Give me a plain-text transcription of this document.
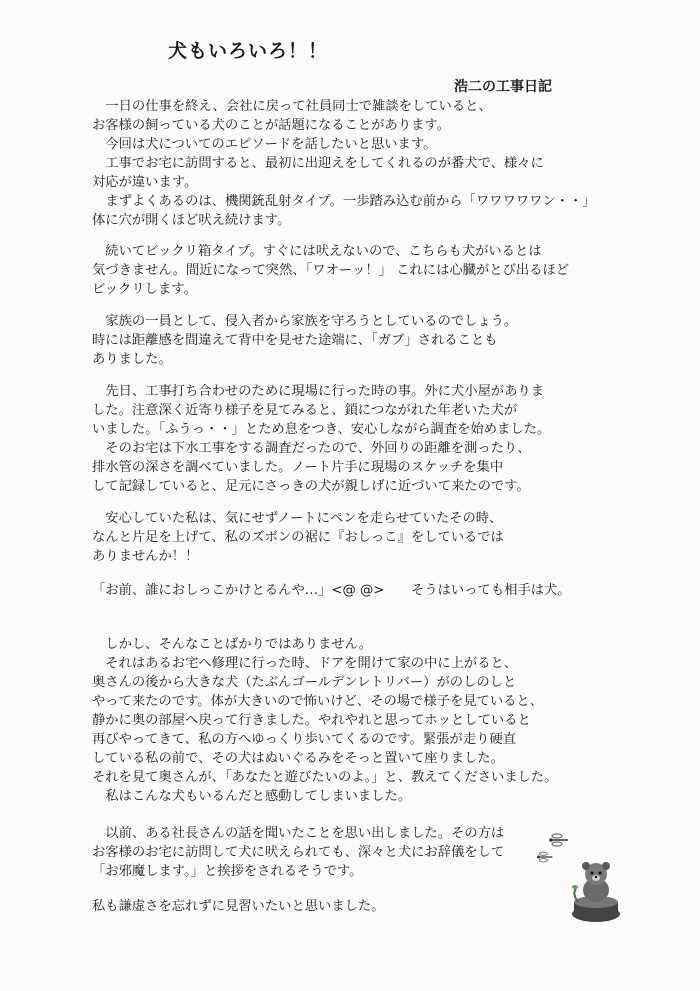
犬もいろいろ！！
浩二の工事日記
　一日の仕事を終え、会社に戻って社員同士で雑談をしていると、
お客様の飼っている犬のことが話題になることがあります。
　今回は犬についてのエピソードを話したいと思います。
　工事でお宅に訪問すると、最初に出迎えをしてくれるのが番犬で、様々に
対応が違います。
　まずよくあるのは、機関銃乱射タイプ。一歩踏み込む前から「ワワワワワン・・」
体に穴が開くほど吠え続けます。
　続いてビックリ箱タイプ。すぐには吠えないので、こちらも犬がいるとは
気づきません。間近になって突然、「ワオーッ！」 これには心臓がとび出るほど
ビックリします。
　家族の一員として、侵入者から家族を守ろうとしているのでしょう。
時には距離感を間違えて背中を見せた途端に、「ガブ」されることも
ありました。
　先日、工事打ち合わせのために現場に行った時の事。外に犬小屋がありま
した。注意深く近寄り様子を見てみると、鎖につながれた年老いた犬が
いました。「ふうっ・・」とため息をつき、安心しながら調査を始めました。
　そのお宅は下水工事をする調査だったので、外回りの距離を測ったり、
排水管の深さを調べていました。ノート片手に現場のスケッチを集中
して記録していると、足元にさっきの犬が親しげに近づいて来たのです。
　安心していた私は、気にせずノートにペンを走らせていたその時、
なんと片足を上げて、私のズボンの裾に『おしっこ』をしているでは
ありませんか！！
「お前、誰におしっこかけとるんや…」<@ @>　　そうはいっても相手は犬。
　しかし、そんなことばかりではありません。
　それはあるお宅へ修理に行った時、ドアを開けて家の中に上がると、
奥さんの後から大きな犬（たぶんゴールデンレトリバー）がのしのしと
やって来たのです。体が大きいので怖いけど、その場で様子を見ていると、
静かに奥の部屋へ戻って行きました。やれやれと思ってホッとしていると
再びやってきて、私の方へゆっくり歩いてくるのです。緊張が走り硬直
している私の前で、その犬はぬいぐるみをそっと置いて座りました。
それを見て奥さんが、「あなたと遊びたいのよ。」と、教えてくださいました。
　私はこんな犬もいるんだと感動してしまいました。
　以前、ある社長さんの話を聞いたことを思い出しました。その方は
お客様のお宅に訪問して犬に吠えられても、深々と犬にお辞儀をして
「お邪魔します。」と挨拶をされるそうです。
私も謙虚さを忘れずに見習いたいと思いました。
